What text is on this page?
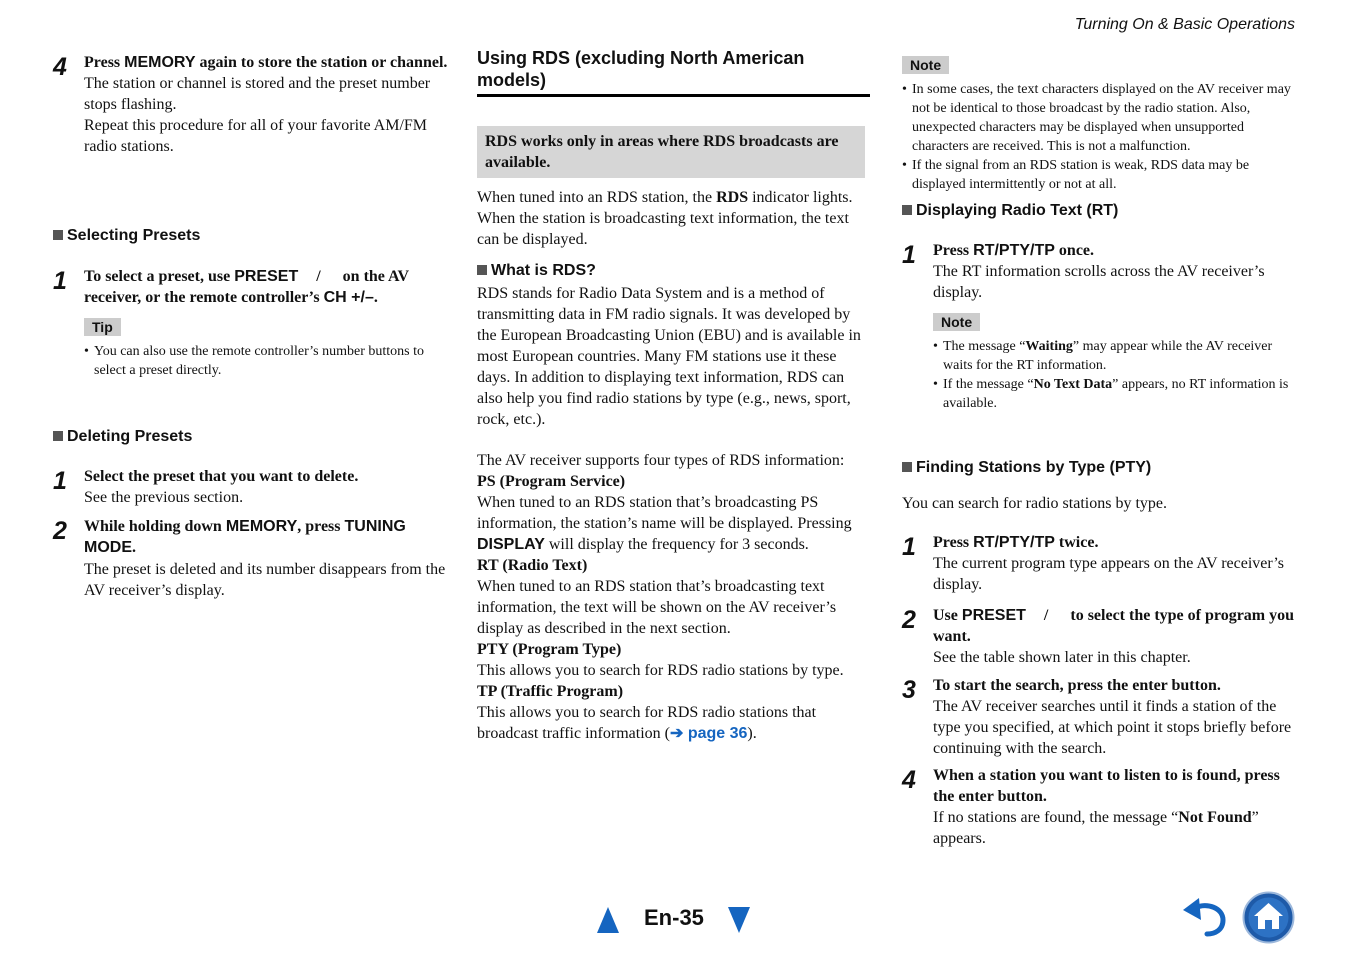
Turning On & Basic Operations
4 Press MEMORY again to store the station or channel.
The station or channel is stored and the preset number stops flashing.
Repeat this procedure for all of your favorite AM/FM radio stations.
Selecting Presets
1 To select a preset, use PRESET / on the AV receiver, or the remote controller’s CH +/–.
Tip
• You can also use the remote controller’s number buttons to select a preset directly.
Deleting Presets
1 Select the preset that you want to delete.
See the previous section.
2 While holding down MEMORY, press TUNING MODE.
The preset is deleted and its number disappears from the AV receiver’s display.
Using RDS (excluding North American models)
RDS works only in areas where RDS broadcasts are available.
When tuned into an RDS station, the RDS indicator lights. When the station is broadcasting text information, the text can be displayed.
What is RDS?
RDS stands for Radio Data System and is a method of transmitting data in FM radio signals. It was developed by the European Broadcasting Union (EBU) and is available in most European countries. Many FM stations use it these days. In addition to displaying text information, RDS can also help you find radio stations by type (e.g., news, sport, rock, etc.).
The AV receiver supports four types of RDS information:
PS (Program Service)
When tuned to an RDS station that’s broadcasting PS information, the station’s name will be displayed. Pressing DISPLAY will display the frequency for 3 seconds.
RT (Radio Text)
When tuned to an RDS station that’s broadcasting text information, the text will be shown on the AV receiver’s display as described in the next section.
PTY (Program Type)
This allows you to search for RDS radio stations by type.
TP (Traffic Program)
This allows you to search for RDS radio stations that broadcast traffic information (➔ page 36).
Note
• In some cases, the text characters displayed on the AV receiver may not be identical to those broadcast by the radio station. Also, unexpected characters may be displayed when unsupported characters are received. This is not a malfunction.
• If the signal from an RDS station is weak, RDS data may be displayed intermittently or not at all.
Displaying Radio Text (RT)
1 Press RT/PTY/TP once.
The RT information scrolls across the AV receiver’s display.
Note
• The message “Waiting” may appear while the AV receiver waits for the RT information.
• If the message “No Text Data” appears, no RT information is available.
Finding Stations by Type (PTY)
You can search for radio stations by type.
1 Press RT/PTY/TP twice.
The current program type appears on the AV receiver’s display.
2 Use PRESET / to select the type of program you want.
See the table shown later in this chapter.
3 To start the search, press the enter button.
The AV receiver searches until it finds a station of the type you specified, at which point it stops briefly before continuing with the search.
4 When a station you want to listen to is found, press the enter button.
If no stations are found, the message “Not Found” appears.
En-35
